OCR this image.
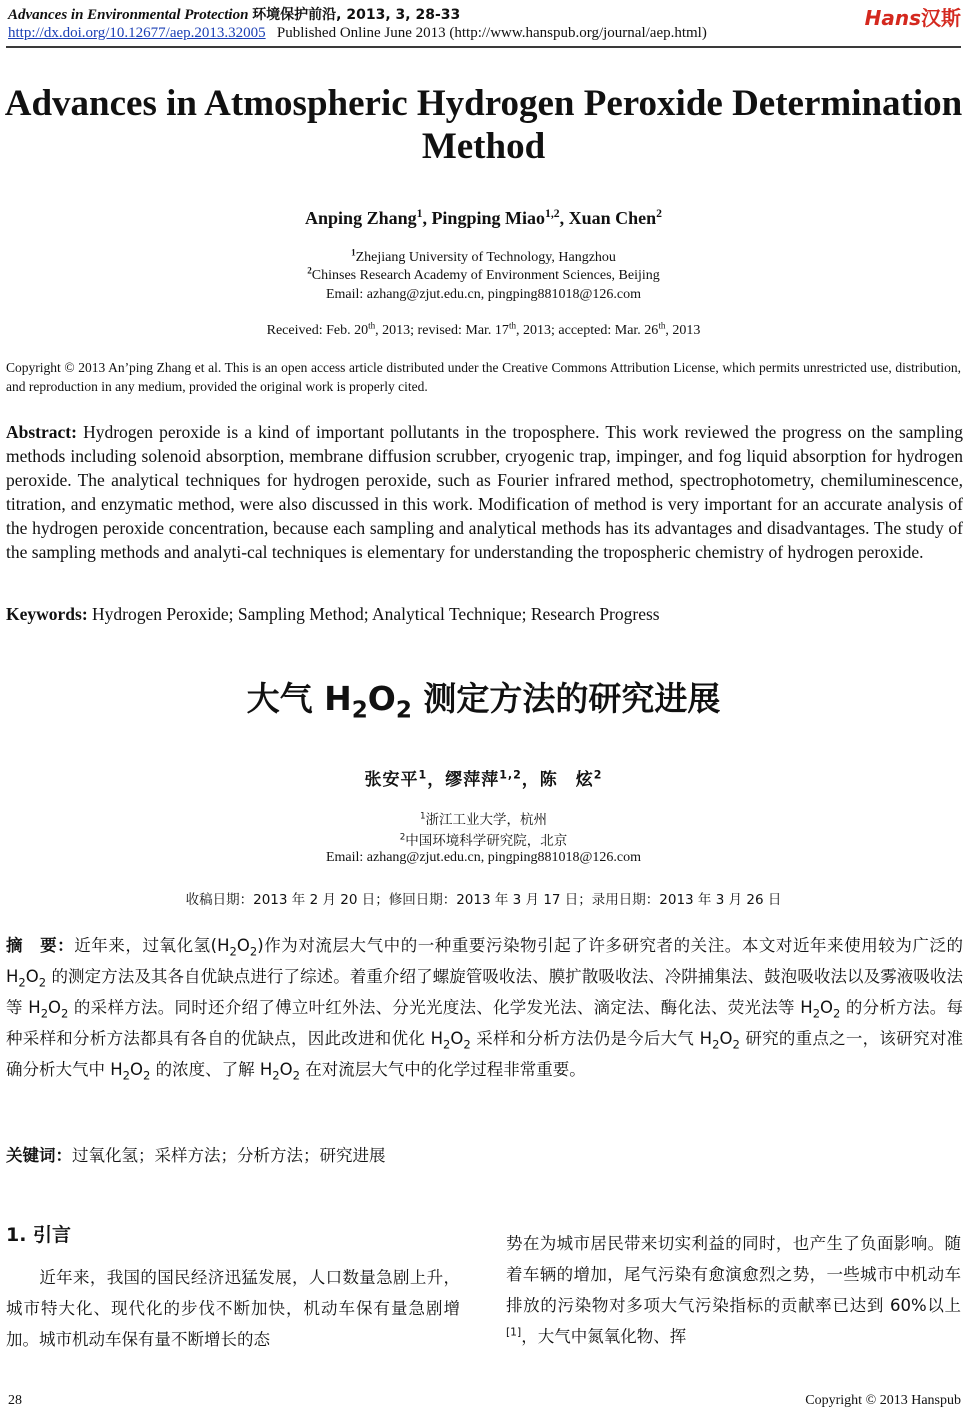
Advances in Environmental Protection 环境保护前沿, 2013, 3, 28-33
http://dx.doi.org/10.12677/aep.2013.32005 Published Online June 2013 (http://www.hanspub.org/journal/aep.html)
Hans汉斯
Advances in Atmospheric Hydrogen Peroxide Determination Method
Anping Zhang$^1$, Pingping Miao$^{1,2}$, Xuan Chen$^2$
$^1$Zhejiang University of Technology, Hangzhou
$^2$Chinses Research Academy of Environment Sciences, Beijing
Email: azhang@zjut.edu.cn, pingping881018@126.com
Received: Feb. 20th, 2013; revised: Mar. 17th, 2013; accepted: Mar. 26th, 2013
Copyright © 2013 An’ping Zhang et al. This is an open access article distributed under the Creative Commons Attribution License, which permits unrestricted use, distribution, and reproduction in any medium, provided the original work is properly cited.
Abstract: Hydrogen peroxide is a kind of important pollutants in the troposphere. This work reviewed the progress on the sampling methods including solenoid absorption, membrane diffusion scrubber, cryogenic trap, impinger, and fog liquid absorption for hydrogen peroxide. The analytical techniques for hydrogen peroxide, such as Fourier infrared method, spectrophotometry, chemiluminescence, titration, and enzymatic method, were also discussed in this work. Modification of method is very important for an accurate analysis of the hydrogen peroxide concentration, because each sampling and analytical methods has its advantages and disadvantages. The study of the sampling methods and analyti-cal techniques is elementary for understanding the tropospheric chemistry of hydrogen peroxide.
Keywords: Hydrogen Peroxide; Sampling Method; Analytical Technique; Research Progress
大气 $H_2O_2$ 测定方法的研究进展
张安平$^1$，缪萍萍$^{1,2}$，陈　炫$^2$
$^1$浙江工业大学，杭州
$^2$中国环境科学研究院，北京
Email: azhang@zjut.edu.cn, pingping881018@126.com
收稿日期：2013 年 2 月 20 日；修回日期：2013 年 3 月 17 日；录用日期：2013 年 3 月 26 日
摘　要：近年来，过氧化氢$(H_2O_2)$作为对流层大气中的一种重要污染物引起了许多研究者的关注。本文对近年来使用较为广泛的 $H_2O_2$ 的测定方法及其各自优缺点进行了综述。着重介绍了螺旋管吸收法、膜扩散吸收法、冷阱捕集法、鼓泡吸收法以及雾液吸收法等 $H_2O_2$ 的采样方法。同时还介绍了傅立叶红外法、分光光度法、化学发光法、滴定法、酶化法、荧光法等 $H_2O_2$ 的分析方法。每种采样和分析方法都具有各自的优缺点，因此改进和优化 $H_2O_2$ 采样和分析方法仍是今后大气 $H_2O_2$ 研究的重点之一，该研究对准确分析大气中 $H_2O_2$ 的浓度、了解 $H_2O_2$ 在对流层大气中的化学过程非常重要。
关键词：过氧化氢；采样方法；分析方法；研究进展
1. 引言
近年来，我国的国民经济迅猛发展，人口数量急剧上升，城市特大化、现代化的步伐不断加快，机动车保有量急剧增加。城市机动车保有量不断增长的态
势在为城市居民带来切实利益的同时，也产生了负面影响。随着车辆的增加，尾气污染有愈演愈烈之势，一些城市中机动车排放的污染物对多项大气污染指标的贡献率已达到 60%以上[1]，大气中氮氧化物、挥
28	Copyright © 2013 Hanspub
